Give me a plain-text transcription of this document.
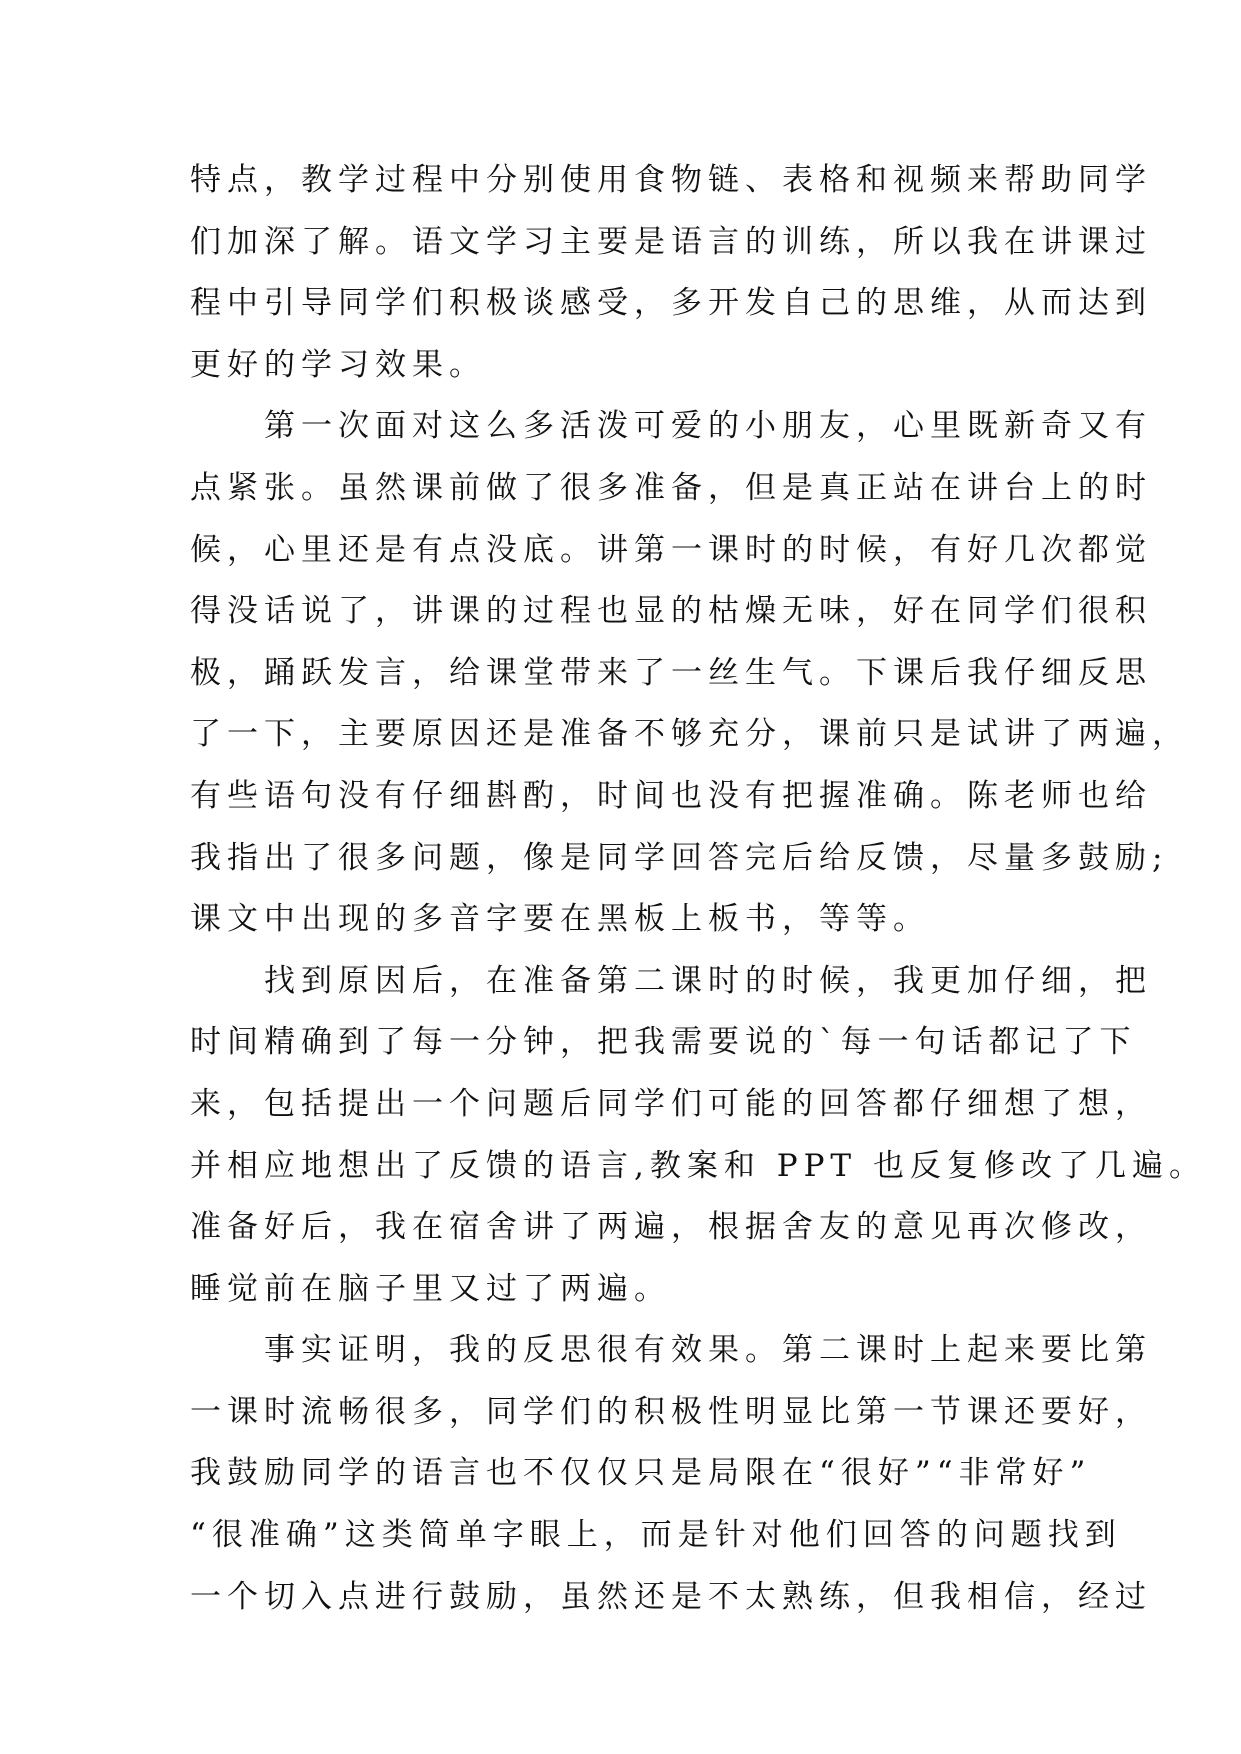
特点，教学过程中分别使用食物链、表格和视频来帮助同学
们加深了解。语文学习主要是语言的训练，所以我在讲课过
程中引导同学们积极谈感受，多开发自己的思维，从而达到
更好的学习效果。
　　第一次面对这么多活泼可爱的小朋友，心里既新奇又有
点紧张。虽然课前做了很多准备，但是真正站在讲台上的时
候，心里还是有点没底。讲第一课时的时候，有好几次都觉
得没话说了，讲课的过程也显的枯燥无味，好在同学们很积
极，踊跃发言，给课堂带来了一丝生气。下课后我仔细反思
了一下，主要原因还是准备不够充分，课前只是试讲了两遍，
有些语句没有仔细斟酌，时间也没有把握准确。陈老师也给
我指出了很多问题，像是同学回答完后给反馈，尽量多鼓励;
课文中出现的多音字要在黑板上板书，等等。
　　找到原因后，在准备第二课时的时候，我更加仔细，把
时间精确到了每一分钟，把我需要说的`每一句话都记了下
来，包括提出一个问题后同学们可能的回答都仔细想了想，
并相应地想出了反馈的语言,教案和 PPT 也反复修改了几遍。
准备好后，我在宿舍讲了两遍，根据舍友的意见再次修改，
睡觉前在脑子里又过了两遍。
　　事实证明，我的反思很有效果。第二课时上起来要比第
一课时流畅很多，同学们的积极性明显比第一节课还要好，
我鼓励同学的语言也不仅仅只是局限在“很好”“非常好”
“很准确”这类简单字眼上，而是针对他们回答的问题找到
一个切入点进行鼓励，虽然还是不太熟练，但我相信，经过
